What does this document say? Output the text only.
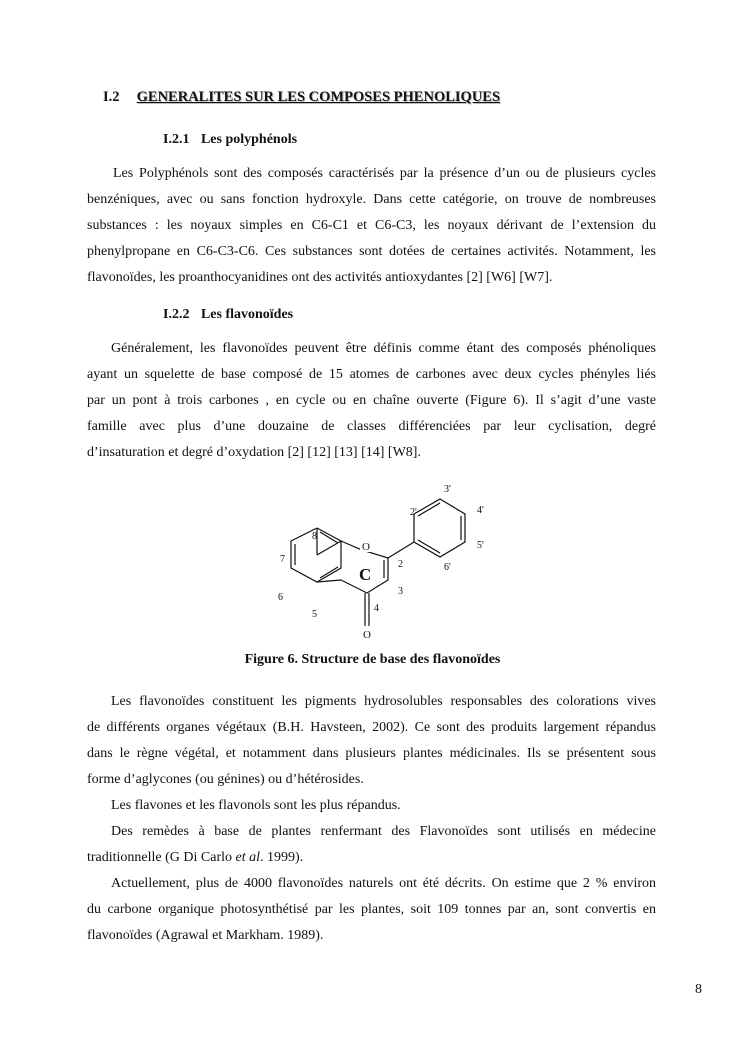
I.2 GENERALITES SUR LES COMPOSES PHENOLIQUES
I.2.1 Les polyphénols
Les Polyphénols sont des composés caractérisés par la présence d’un ou de plusieurs cycles
benzéniques, avec ou sans fonction hydroxyle. Dans cette catégorie, on trouve de nombreuses
substances : les noyaux simples en C6-C1 et C6-C3, les noyaux dérivant de l’extension du
phenylpropane en C6-C3-C6. Ces substances sont dotées de certaines activités. Notamment, les
flavonoïdes, les proanthocyanidines ont des activités antioxydantes [2] [W6] [W7].
I.2.2 Les flavonoïdes
Généralement, les flavonoïdes peuvent être définis comme étant des composés phénoliques
ayant un squelette de base composé de 15 atomes de carbones avec deux cycles phényles liés
par un pont à trois carbones , en cycle ou en chaîne ouverte (Figure 6). Il s’agit d’une vaste
famille avec plus d’une douzaine de classes différenciées par leur cyclisation, degré
d’insaturation et degré d’oxydation [2] [12] [13] [14] [W8].
O
O
C
2
3
4
5
6
7
8
2'
3'
4'
5'
6'
Figure 6. Structure de base des flavonoïdes
Les flavonoïdes constituent les pigments hydrosolubles responsables des colorations vives
de différents organes végétaux (B.H. Havsteen, 2002). Ce sont des produits largement répandus
dans le règne végétal, et notamment dans plusieurs plantes médicinales. Ils se présentent sous
forme d’aglycones (ou génines) ou d’hétérosides.
Les flavones et les flavonols sont les plus répandus.
Des remèdes à base de plantes renfermant des Flavonoïdes sont utilisés en médecine
traditionnelle (G Di Carlo et al. 1999).
Actuellement, plus de 4000 flavonoïdes naturels ont été décrits. On estime que 2 % environ
du carbone organique photosynthétisé par les plantes, soit 109 tonnes par an, sont convertis en
flavonoïdes (Agrawal et Markham. 1989).
8
